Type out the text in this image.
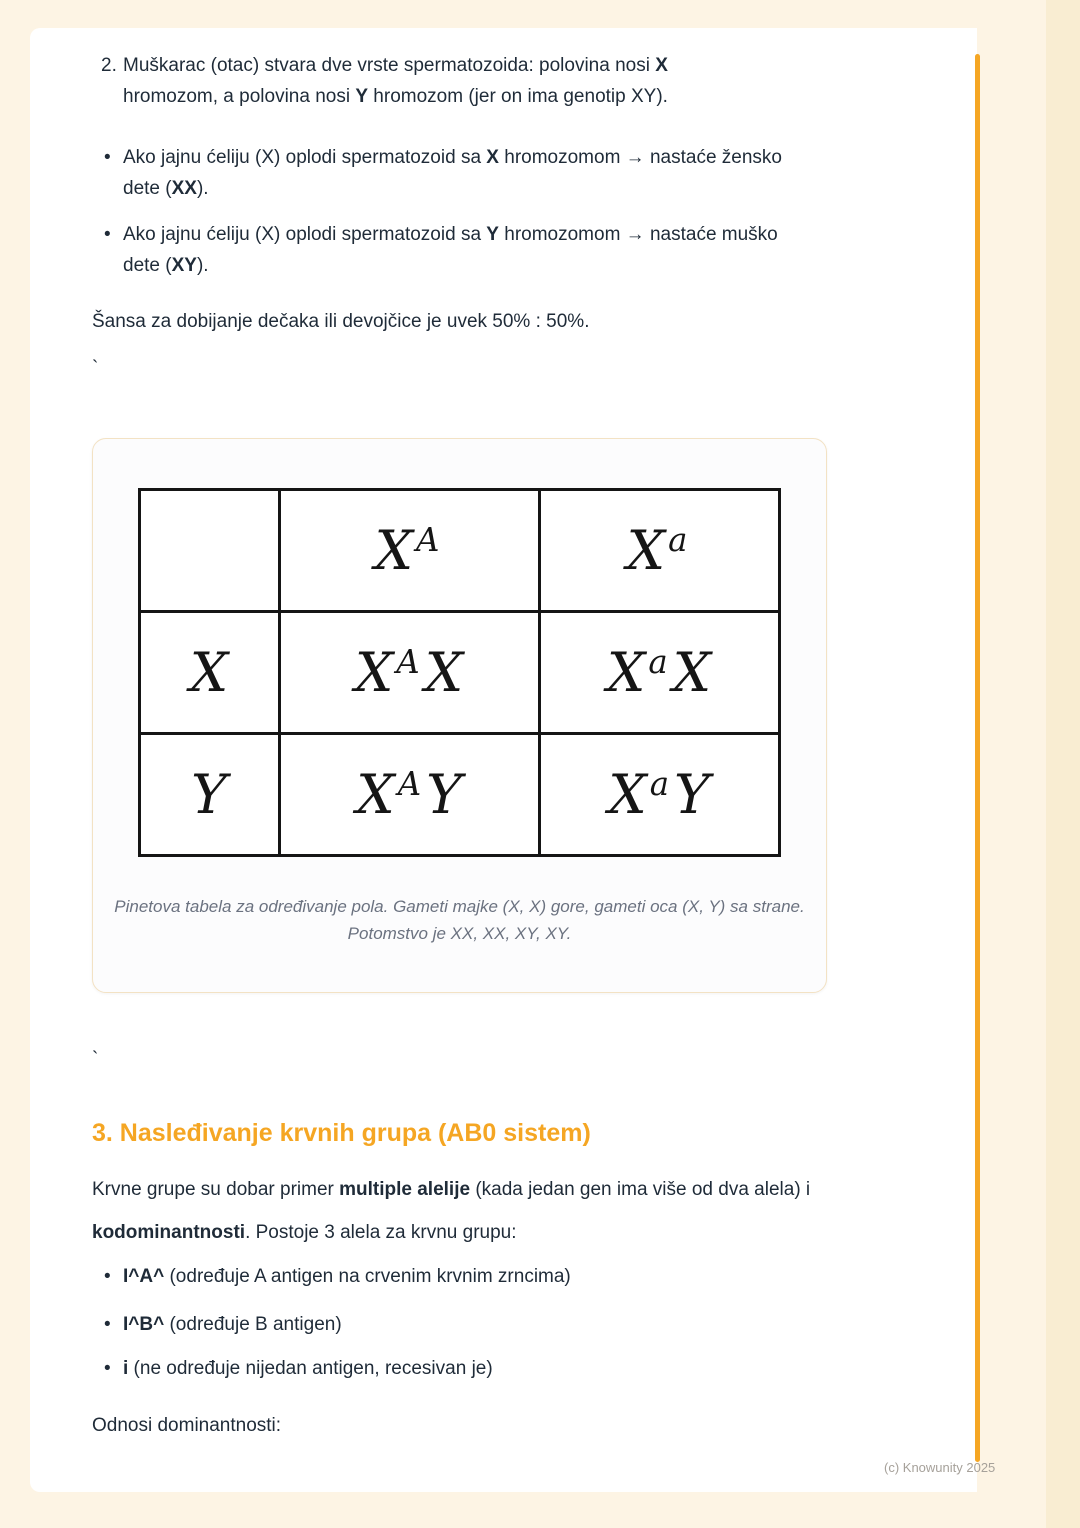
2. Muškarac (otac) stvara dve vrste spermatozoida: polovina nosi X hromozom, a polovina nosi Y hromozom (jer on ima genotip XY).

• Ako jajnu ćeliju (X) oplodi spermatozoid sa X hromozomom → nastaće žensko dete (XX).

• Ako jajnu ćeliju (X) oplodi spermatozoid sa Y hromozomom → nastaće muško dete (XY).

Šansa za dobijanje dečaka ili devojčice je uvek 50% : 50%.

`

	$X^A$	$X^a$
X	$X^AX$	$X^aX$
Y	$X^AY$	$X^aY$
Pinetova tabela za određivanje pola. Gameti majke (X, X) gore, gameti oca (X, Y) sa strane. Potomstvo je XX, XX, XY, XY.

`

3. Nasleđivanje krvnih grupa (AB0 sistem)

Krvne grupe su dobar primer multiple alelije (kada jedan gen ima više od dva alela) i kodominantnosti. Postoje 3 alela za krvnu grupu:

• I^A^ (određuje A antigen na crvenim krvnim zrncima)

• I^B^ (određuje B antigen)

• i (ne određuje nijedan antigen, recesivan je)

Odnosi dominantnosti:

(c) Knowunity 2025
